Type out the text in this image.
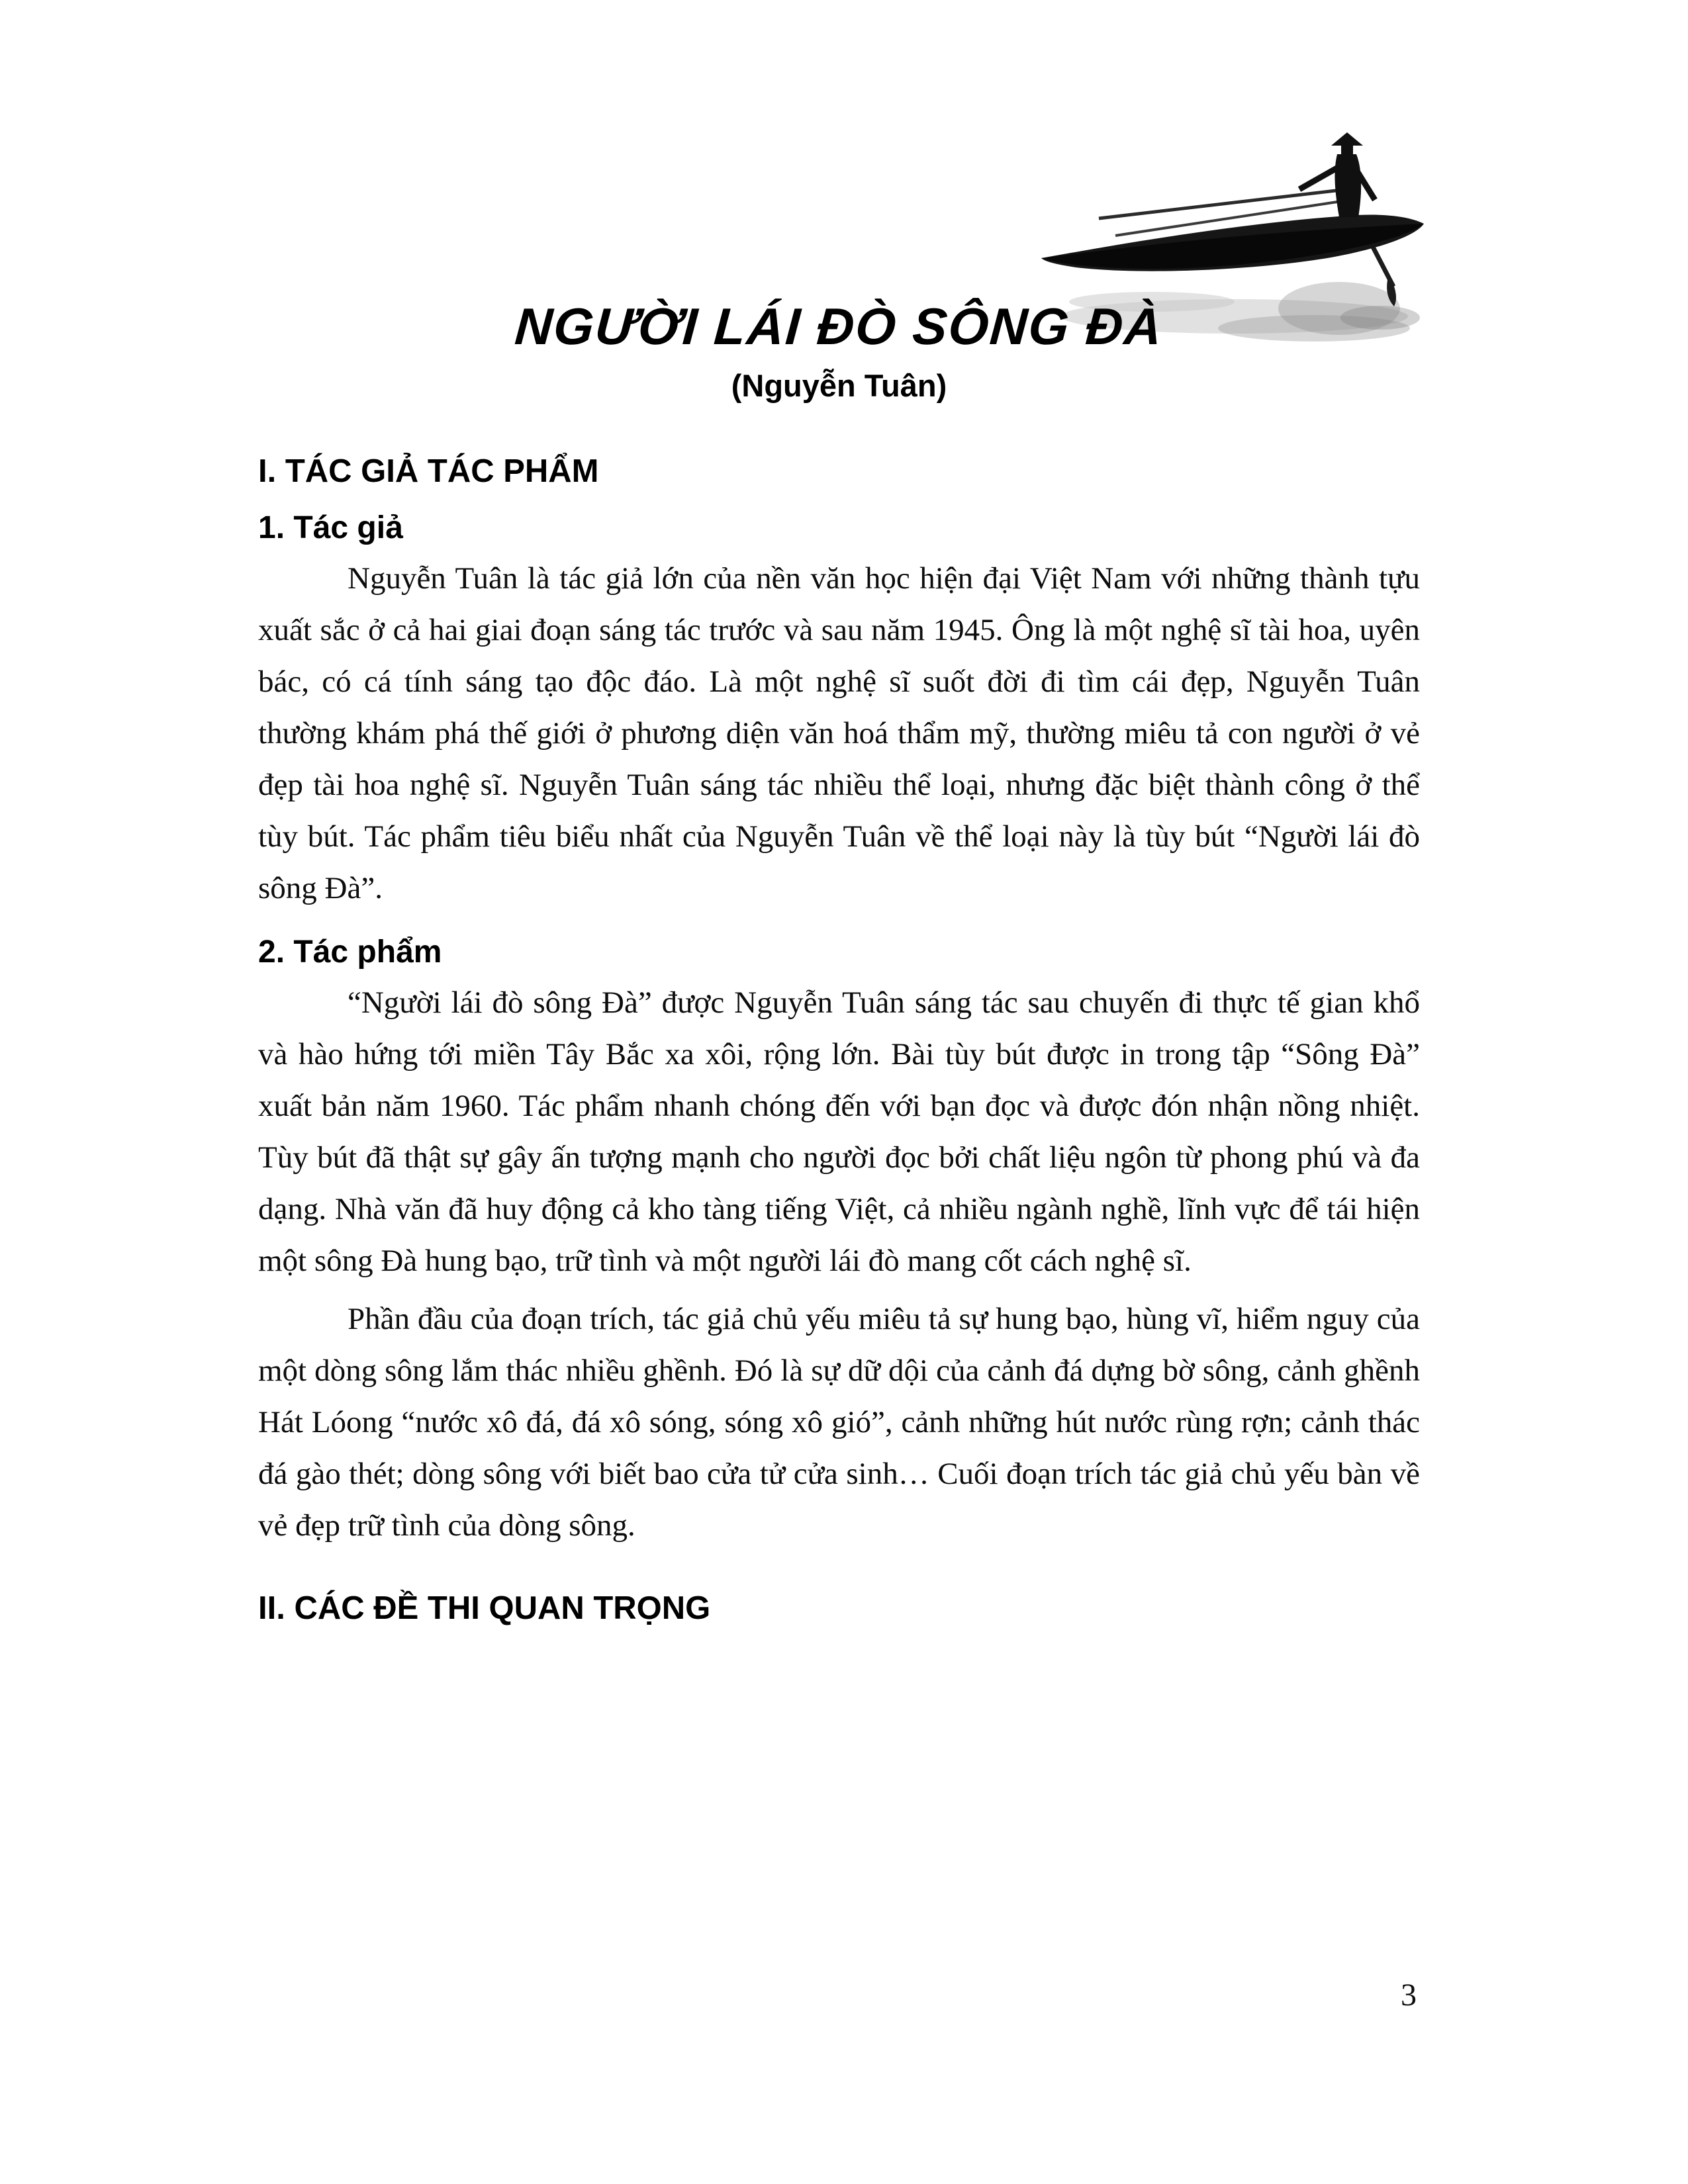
NGƯỜI LÁI ĐÒ SÔNG ĐÀ
(Nguyễn Tuân)
I. TÁC GIẢ TÁC PHẨM
1. Tác giả

Nguyễn Tuân là tác giả lớn của nền văn học hiện đại Việt Nam với những thành tựu xuất sắc ở cả hai giai đoạn sáng tác trước và sau năm 1945. Ông là một nghệ sĩ tài hoa, uyên bác, có cá tính sáng tạo độc đáo. Là một nghệ sĩ suốt đời đi tìm cái đẹp, Nguyễn Tuân thường khám phá thế giới ở phương diện văn hoá thẩm mỹ, thường miêu tả con người ở vẻ đẹp tài hoa nghệ sĩ. Nguyễn Tuân sáng tác nhiều thể loại, nhưng đặc biệt thành công ở thể tùy bút. Tác phẩm tiêu biểu nhất của Nguyễn Tuân về thể loại này là tùy bút “Người lái đò sông Đà”.

2. Tác phẩm

“Người lái đò sông Đà” được Nguyễn Tuân sáng tác sau chuyến đi thực tế gian khổ và hào hứng tới miền Tây Bắc xa xôi, rộng lớn. Bài tùy bút được in trong tập “Sông Đà” xuất bản năm 1960. Tác phẩm nhanh chóng đến với bạn đọc và được đón nhận nồng nhiệt. Tùy bút đã thật sự gây ấn tượng mạnh cho người đọc bởi chất liệu ngôn từ phong phú và đa dạng. Nhà văn đã huy động cả kho tàng tiếng Việt, cả nhiều ngành nghề, lĩnh vực để tái hiện một sông Đà hung bạo, trữ tình và một người lái đò mang cốt cách nghệ sĩ.

Phần đầu của đoạn trích, tác giả chủ yếu miêu tả sự hung bạo, hùng vĩ, hiểm nguy của một dòng sông lắm thác nhiều ghềnh. Đó là sự dữ dội của cảnh đá dựng bờ sông, cảnh ghềnh Hát Lóong “nước xô đá, đá xô sóng, sóng xô gió”, cảnh những hút nước rùng rợn; cảnh thác đá gào thét; dòng sông với biết bao cửa tử cửa sinh… Cuối đoạn trích tác giả chủ yếu bàn về vẻ đẹp trữ tình của dòng sông.

II. CÁC ĐỀ THI QUAN TRỌNG
3
